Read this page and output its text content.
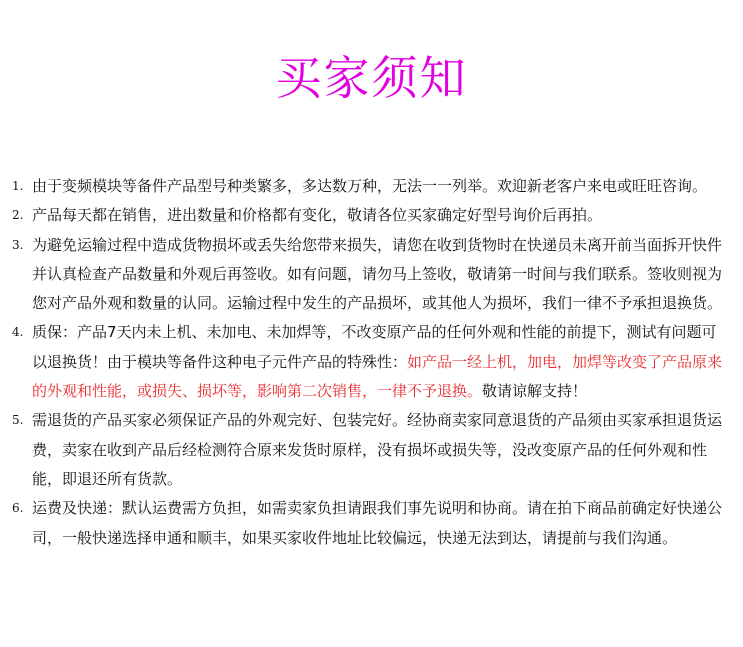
买家须知
1. 由于变频模块等备件产品型号种类繁多，多达数万种，无法一一列举。欢迎新老客户来电或旺旺咨询。
2. 产品每天都在销售，进出数量和价格都有变化，敬请各位买家确定好型号询价后再拍。
3. 为避免运输过程中造成货物损坏或丢失给您带来损失，请您在收到货物时在快递员未离开前当面拆开快件并认真检查产品数量和外观后再签收。如有问题，请勿马上签收，敬请第一时间与我们联系。签收则视为您对产品外观和数量的认同。运输过程中发生的产品损坏，或其他人为损坏，我们一律不予承担退换货。
4. 质保：产品7天内未上机、未加电、未加焊等，不改变原产品的任何外观和性能的前提下，测试有问题可以退换货！由于模块等备件这种电子元件产品的特殊性：如产品一经上机，加电，加焊等改变了产品原来的外观和性能，或损失、损坏等，影响第二次销售，一律不予退换。敬请谅解支持！
5. 需退货的产品买家必须保证产品的外观完好、包装完好。经协商卖家同意退货的产品须由买家承担退货运费，卖家在收到产品后经检测符合原来发货时原样，没有损坏或损失等，没改变原产品的任何外观和性能，即退还所有货款。
6. 运费及快递：默认运费需方负担，如需卖家负担请跟我们事先说明和协商。请在拍下商品前确定好快递公司，一般快递选择申通和顺丰，如果买家收件地址比较偏远，快递无法到达，请提前与我们沟通。
